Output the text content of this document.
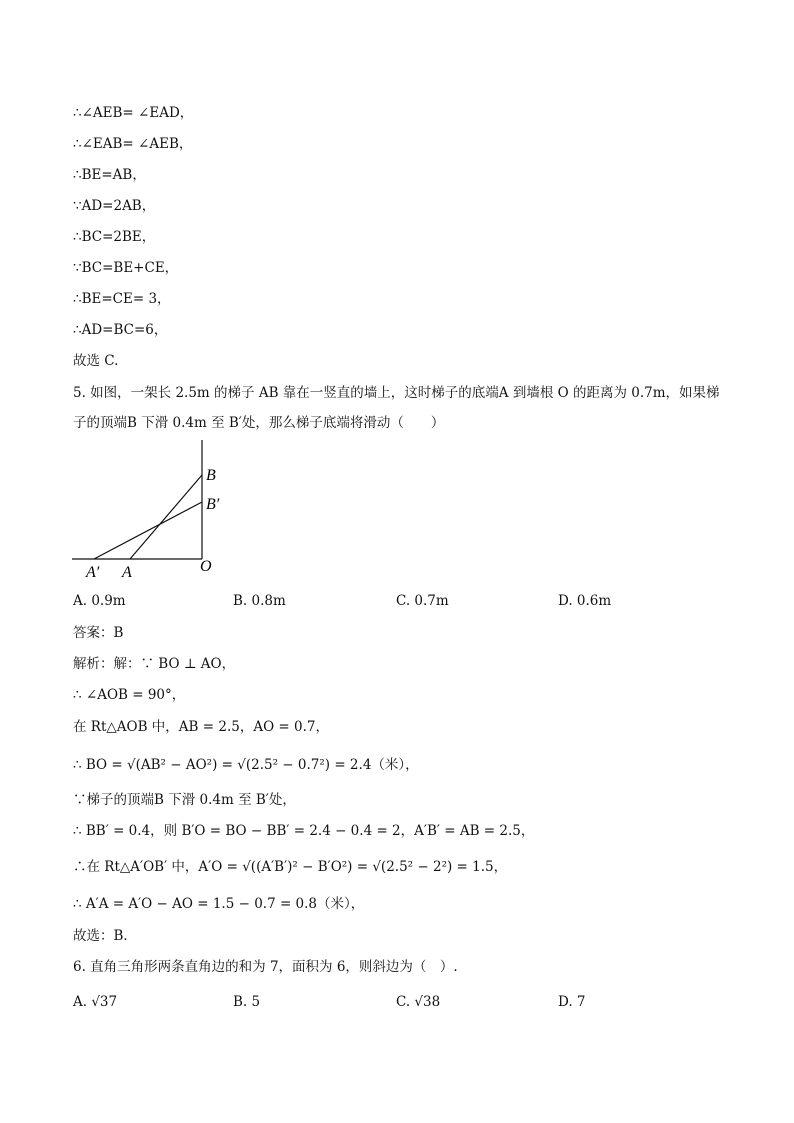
∴∠AEB= ∠EAD，
∴∠EAB= ∠AEB，
∴BE=AB，
∵AD=2AB，
∴BC=2BE，
∵BC=BE+CE，
∴BE=CE= 3，
∴AD=BC=6，
故选 C.
5. 如图，一架长 2.5m 的梯子 AB 靠在一竖直的墙上，这时梯子的底端A 到墙根 O 的距离为 0.7m，如果梯
子的顶端B 下滑 0.4m 至 B′处，那么梯子底端将滑动（　　）
B
B′
A′ A	O
A. 0.9m	B. 0.8m	C. 0.7m	D. 0.6m
答案：B
解析：解：∵ BO ⊥ AO，
∴ ∠AOB = 90°，
在 Rt△AOB 中，AB = 2.5，AO = 0.7，
∴ BO = √(AB² − AO²) = √(2.5² − 0.7²) = 2.4（米），
∵梯子的顶端B 下滑 0.4m 至 B′处，
∴ BB′ = 0.4，则 B′O = BO − BB′ = 2.4 − 0.4 = 2，A′B′ = AB = 2.5，
∴在 Rt△A′OB′ 中，A′O = √((A′B′)² − B′O²) = √(2.5² − 2²) = 1.5，
∴ A′A = A′O − AO = 1.5 − 0.7 = 0.8（米），
故选：B．
6. 直角三角形两条直角边的和为 7，面积为 6，则斜边为（　）.
A. √37	B. 5	C. √38	D. 7
